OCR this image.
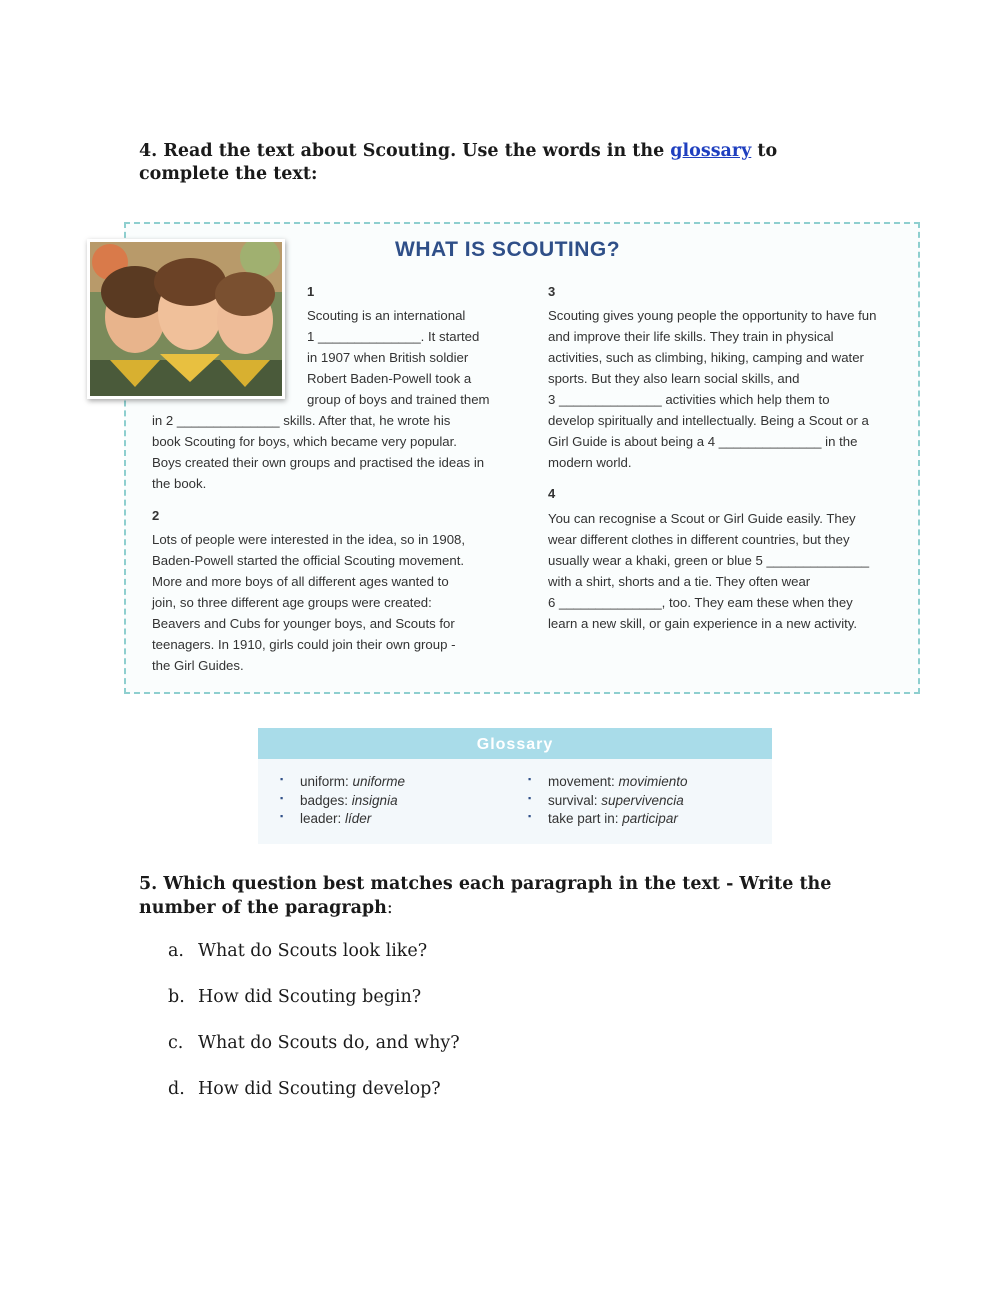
4. Read the text about Scouting. Use the words in the glossary to complete the text:
WHAT IS SCOUTING?
1
Scouting is an international
1 ______________. It started
in 1907 when British soldier
Robert Baden-Powell took a
group of boys and trained them
in 2 ______________ skills. After that, he wrote his
book Scouting for boys, which became very popular.
Boys created their own groups and practised the ideas in
the book.
2
Lots of people were interested in the idea, so in 1908,
Baden-Powell started the official Scouting movement.
More and more boys of all different ages wanted to
join, so three different age groups were created:
Beavers and Cubs for younger boys, and Scouts for
teenagers. In 1910, girls could join their own group -
the Girl Guides.
3
Scouting gives young people the opportunity to have fun
and improve their life skills. They train in physical
activities, such as climbing, hiking, camping and water
sports. But they also learn social skills, and
3 ______________ activities which help them to
develop spiritually and intellectually. Being a Scout or a
Girl Guide is about being a 4 ______________ in the
modern world.
4
You can recognise a Scout or Girl Guide easily. They
wear different clothes in different countries, but they
usually wear a khaki, green or blue 5 ______________
with a shirt, shorts and a tie. They often wear
6 ______________, too. They eam these when they
learn a new skill, or gain experience in a new activity.
Glossary
▪ uniform: uniforme
▪ badges: insignia
▪ leader: líder
▪ movement: movimiento
▪ survival: supervivencia
▪ take part in: participar
5. Which question best matches each paragraph in the text - Write the number of the paragraph:
a. What do Scouts look like?
b. How did Scouting begin?
c. What do Scouts do, and why?
d. How did Scouting develop?
